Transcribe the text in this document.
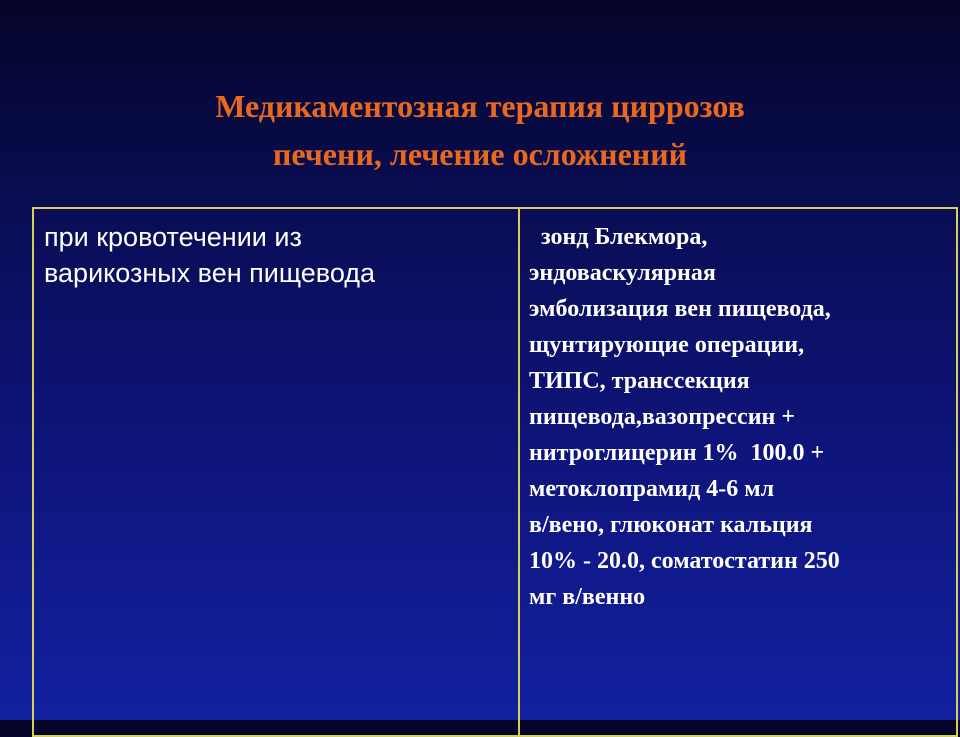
Медикаментозная терапия циррозов
печени, лечение осложнений
при кровотечении из
варикозных вен пищевода
зонд Блекмора,
эндоваскулярная
эмболизация вен пищевода,
щунтирующие операции,
ТИПС, транссекция
пищевода,вазопрессин +
нитроглицерин 1%  100.0 +
метоклопрамид 4-6 мл
в/вено, глюконат кальция
10% - 20.0, соматостатин 250
мг в/венно
